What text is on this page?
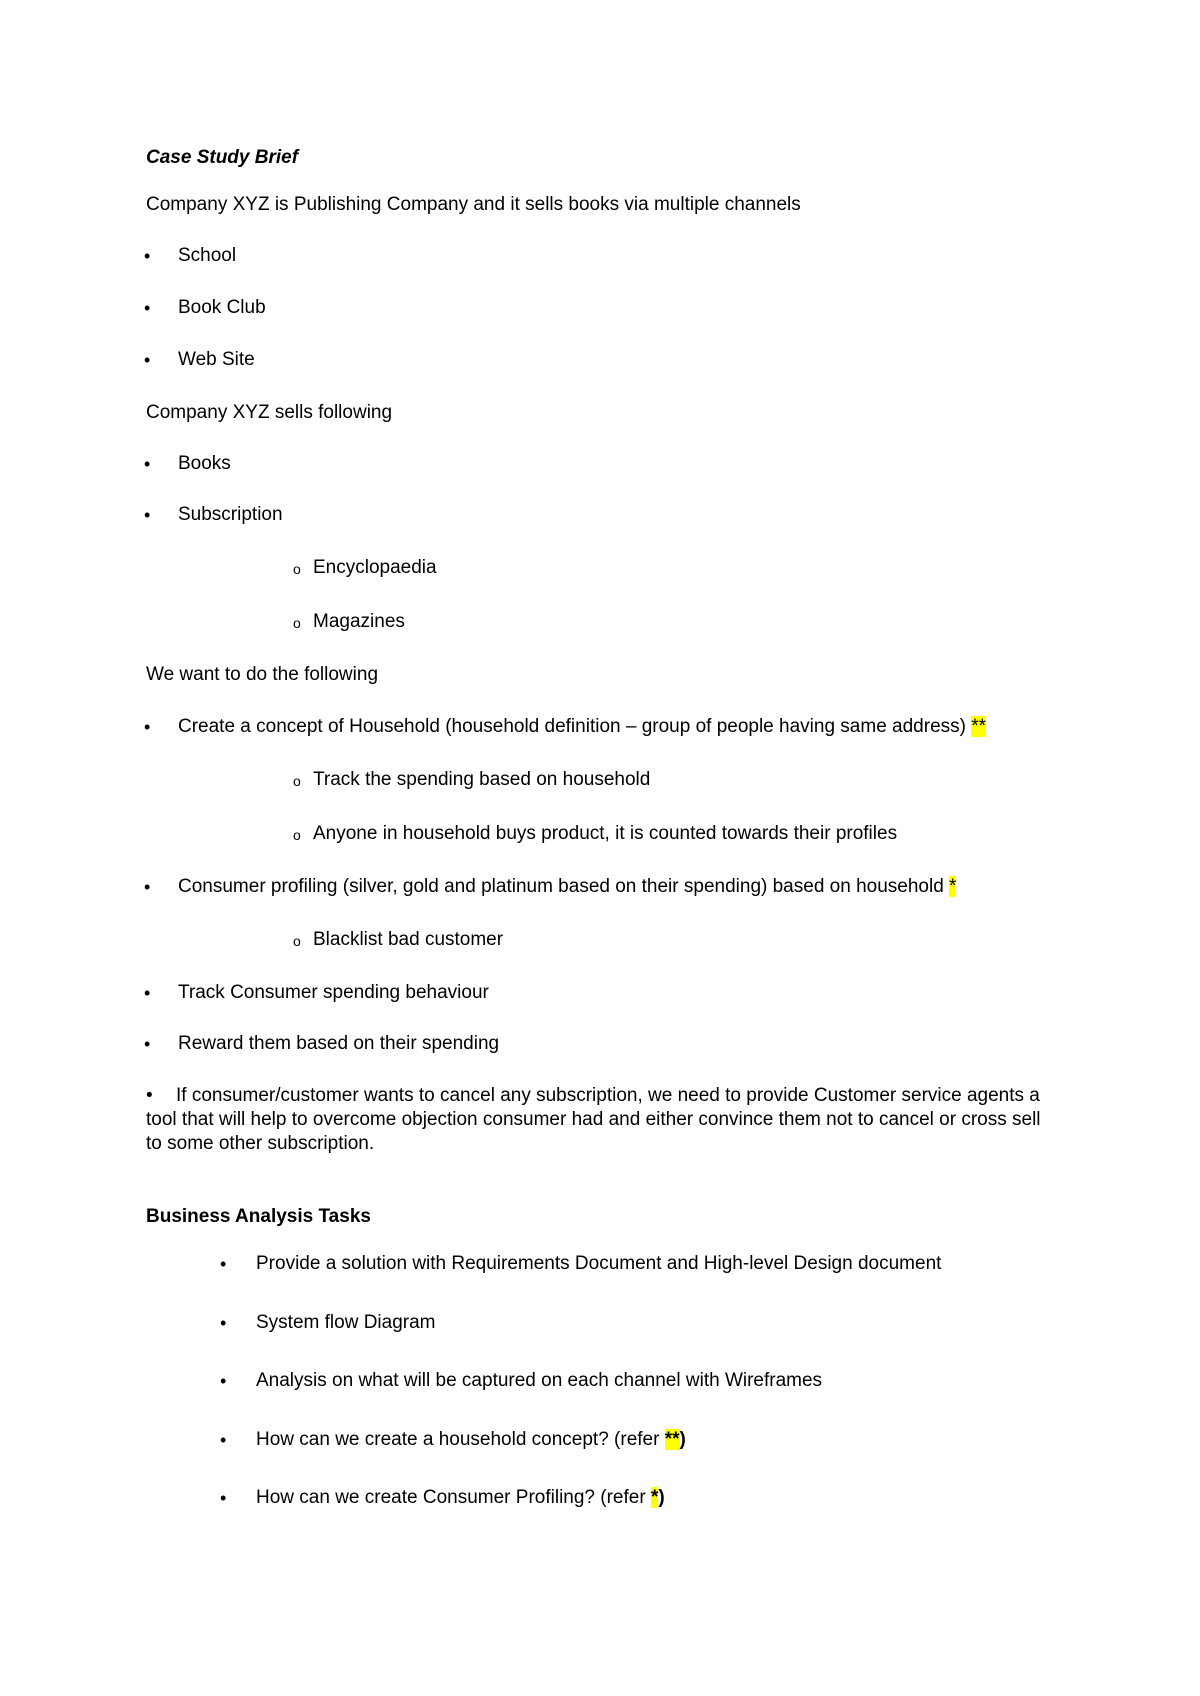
Case Study Brief
Company XYZ is Publishing Company and it sells books via multiple channels
• School
• Book Club
• Web Site
Company XYZ sells following
• Books
• Subscription
o Encyclopaedia
o Magazines
We want to do the following
• Create a concept of Household (household definition – group of people having same address) **
o Track the spending based on household
o Anyone in household buys product, it is counted towards their profiles
• Consumer profiling (silver, gold and platinum based on their spending) based on household *
o Blacklist bad customer
• Track Consumer spending behaviour
• Reward them based on their spending
• If consumer/customer wants to cancel any subscription, we need to provide Customer service agents a tool that will help to overcome objection consumer had and either convince them not to cancel or cross sell to some other subscription.
Business Analysis Tasks
• Provide a solution with Requirements Document and High-level Design document
• System flow Diagram
• Analysis on what will be captured on each channel with Wireframes
• How can we create a household concept? (refer **)
• How can we create Consumer Profiling? (refer *)
